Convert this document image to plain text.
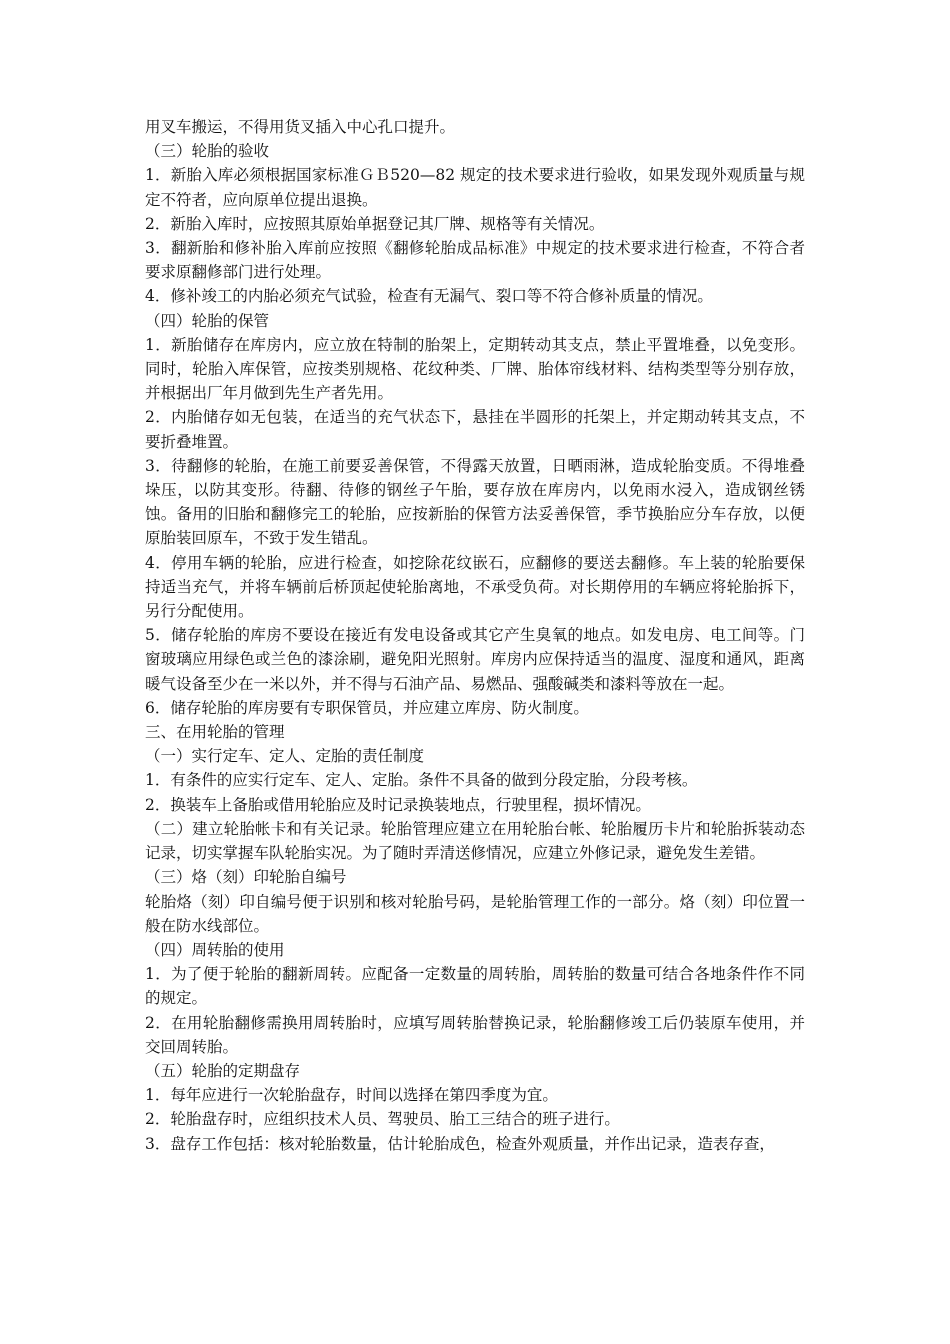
用叉车搬运，不得用货叉插入中心孔口提升。

（三）轮胎的验收

1．新胎入库必须根据国家标准ＧＢ520—82 规定的技术要求进行验收，如果发现外观质量与规定不符者，应向原单位提出退换。

2．新胎入库时，应按照其原始单据登记其厂牌、规格等有关情况。

3．翻新胎和修补胎入库前应按照《翻修轮胎成品标准》中规定的技术要求进行检查，不符合者要求原翻修部门进行处理。

4．修补竣工的内胎必须充气试验，检查有无漏气、裂口等不符合修补质量的情况。

（四）轮胎的保管

1．新胎储存在库房内，应立放在特制的胎架上，定期转动其支点，禁止平置堆叠，以免变形。同时，轮胎入库保管，应按类别规格、花纹种类、厂牌、胎体帘线材料、结构类型等分别存放，并根据出厂年月做到先生产者先用。

2．内胎储存如无包装，在适当的充气状态下，悬挂在半圆形的托架上，并定期动转其支点，不要折叠堆置。

3．待翻修的轮胎，在施工前要妥善保管，不得露天放置，日晒雨淋，造成轮胎变质。不得堆叠垛压，以防其变形。待翻、待修的钢丝子午胎，要存放在库房内，以免雨水浸入，造成钢丝锈蚀。备用的旧胎和翻修完工的轮胎，应按新胎的保管方法妥善保管，季节换胎应分车存放，以便原胎装回原车，不致于发生错乱。

4．停用车辆的轮胎，应进行检查，如挖除花纹嵌石，应翻修的要送去翻修。车上装的轮胎要保持适当充气，并将车辆前后桥顶起使轮胎离地，不承受负荷。对长期停用的车辆应将轮胎拆下，另行分配使用。

5．储存轮胎的库房不要设在接近有发电设备或其它产生臭氧的地点。如发电房、电工间等。门窗玻璃应用绿色或兰色的漆涂刷，避免阳光照射。库房内应保持适当的温度、湿度和通风，距离暖气设备至少在一米以外，并不得与石油产品、易燃品、强酸碱类和漆料等放在一起。

6．储存轮胎的库房要有专职保管员，并应建立库房、防火制度。

三、在用轮胎的管理

（一）实行定车、定人、定胎的责任制度

1．有条件的应实行定车、定人、定胎。条件不具备的做到分段定胎，分段考核。

2．换装车上备胎或借用轮胎应及时记录换装地点，行驶里程，损坏情况。

（二）建立轮胎帐卡和有关记录。轮胎管理应建立在用轮胎台帐、轮胎履历卡片和轮胎拆装动态记录，切实掌握车队轮胎实况。为了随时弄清送修情况，应建立外修记录，避免发生差错。

（三）烙（刻）印轮胎自编号

轮胎烙（刻）印自编号便于识别和核对轮胎号码，是轮胎管理工作的一部分。烙（刻）印位置一般在防水线部位。

（四）周转胎的使用

1．为了便于轮胎的翻新周转。应配备一定数量的周转胎，周转胎的数量可结合各地条件作不同的规定。

2．在用轮胎翻修需换用周转胎时，应填写周转胎替换记录，轮胎翻修竣工后仍装原车使用，并交回周转胎。

（五）轮胎的定期盘存

1．每年应进行一次轮胎盘存，时间以选择在第四季度为宜。

2．轮胎盘存时，应组织技术人员、驾驶员、胎工三结合的班子进行。

3．盘存工作包括：核对轮胎数量，估计轮胎成色，检查外观质量，并作出记录，造表存查，
